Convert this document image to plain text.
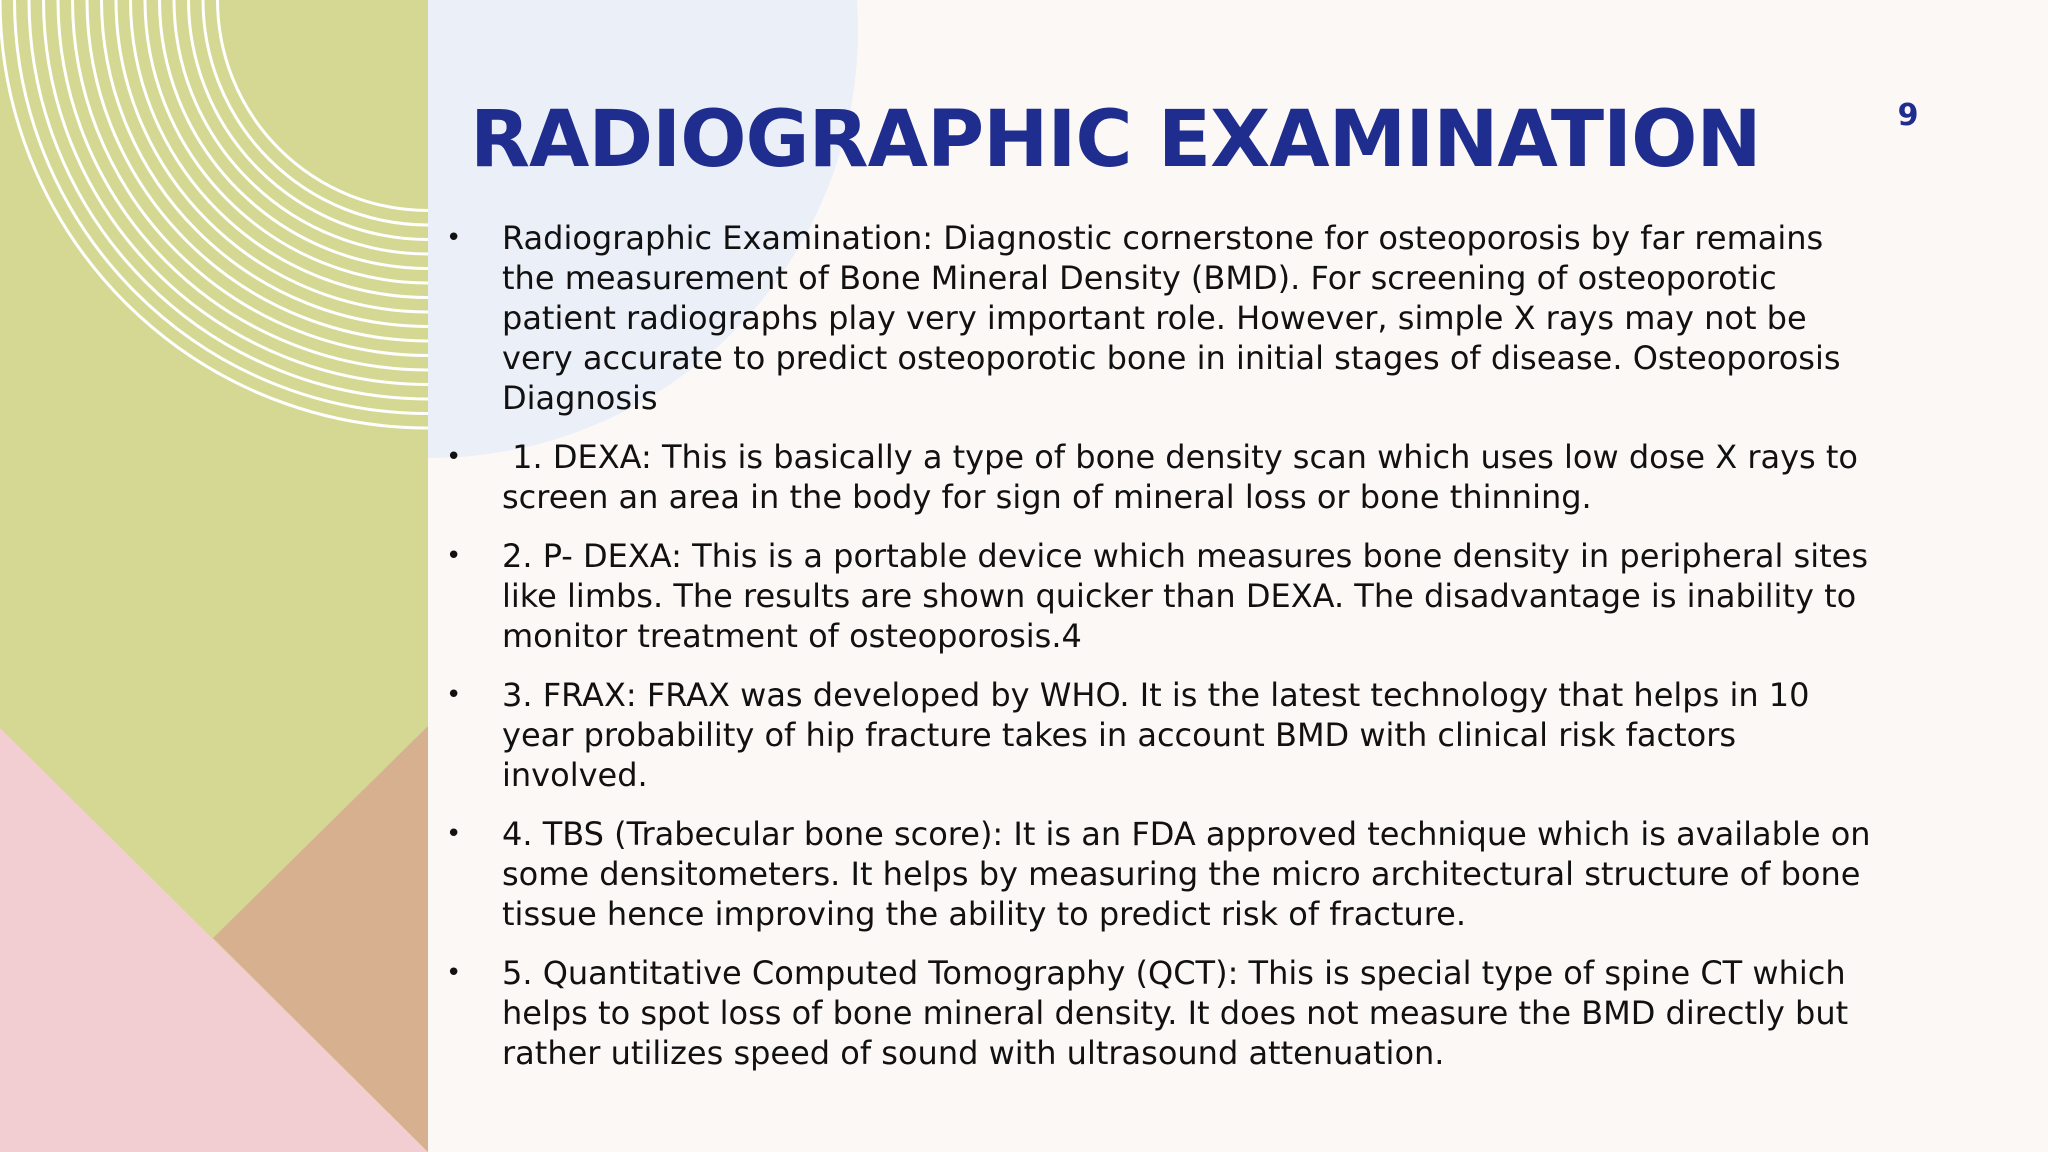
RADIOGRAPHIC EXAMINATION	9
• Radiographic Examination: Diagnostic cornerstone for osteoporosis by far remains the measurement of Bone Mineral Density (BMD). For screening of osteoporotic patient radiographs play very important role. However, simple X rays may not be very accurate to predict osteoporotic bone in initial stages of disease. Osteoporosis Diagnosis
• 1. DEXA: This is basically a type of bone density scan which uses low dose X rays to screen an area in the body for sign of mineral loss or bone thinning.
• 2. P- DEXA: This is a portable device which measures bone density in peripheral sites like limbs. The results are shown quicker than DEXA. The disadvantage is inability to monitor treatment of osteoporosis.4
• 3. FRAX: FRAX was developed by WHO. It is the latest technology that helps in 10 year probability of hip fracture takes in account BMD with clinical risk factors involved.
• 4. TBS (Trabecular bone score): It is an FDA approved technique which is available on some densitometers. It helps by measuring the micro architectural structure of bone tissue hence improving the ability to predict risk of fracture.
• 5. Quantitative Computed Tomography (QCT): This is special type of spine CT which helps to spot loss of bone mineral density. It does not measure the BMD directly but rather utilizes speed of sound with ultrasound attenuation.
